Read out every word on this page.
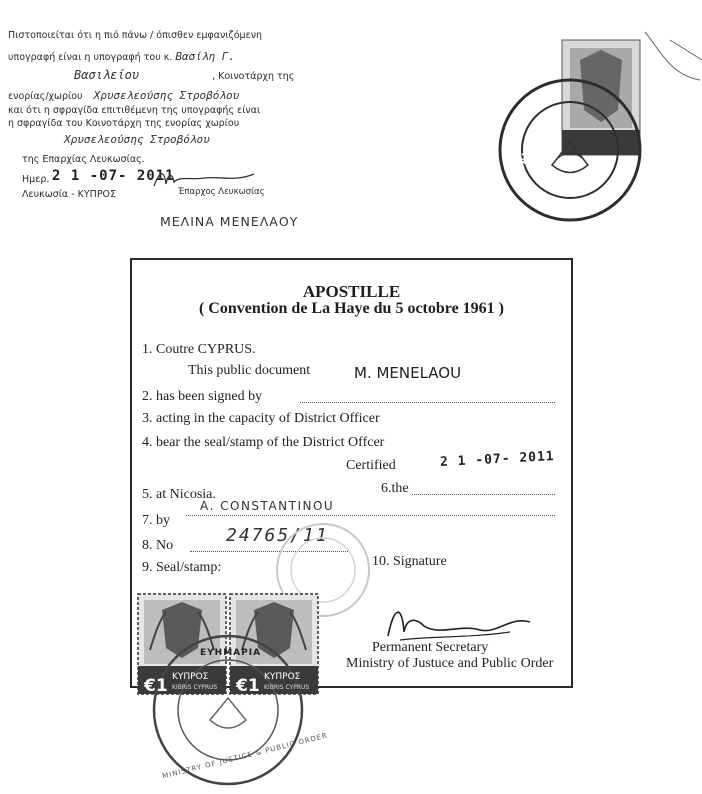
Πιστοποιείται ότι η πιό πάνω / όπισθεν εμφανιζόμενη
υπογραφή είναι η υπογραφή του κ. Βασίλη Γ.
Βασιλείου	, Κοινοτάρχη της
ενορίας/χωρίου Χρυσελεούσης Στροβόλου
και ότι η σφραγίδα επιτιθέμενη της υπογραφής είναι
η σφραγίδα του Κοινοτάρχη της ενορίας χωρίου
Χρυσελεούσης Στροβόλου
της Επαρχίας Λευκωσίας.
Ημερ. 2 1 -07- 2011
Λευκωσία - ΚΥΠΡΟΣ	Έπαρχος Λευκωσίας
ΜΕΛΙΝΑ ΜΕΝΕΛΑΟΥ
ΚΑΜΠΡΙ
APOSTILLE
( Convention de La Haye du 5 octobre 1961 )
1. Coutre CYPRUS.
This public document	M. MENELAOU
2. has been signed by
3. acting in the capacity of District Officer
4. bear the seal/stamp of the District Offcer
Certified	2 1 -07- 2011
5. at Nicosia.	6.the
A. CONSTANTINOU
7. by
8. No	24765/11
9. Seal/stamp:	10. Signature
Permanent Secretary
Ministry of Justuce and Public Order
€1	€1
ΚΥΠΡΟΣ	ΚΥΠΡΟΣ
KIBRIS CYPRUS	KIBRIS CYPRUS
ΕΥΗΜΑΡΙΑ
MINISTRY OF JUSTICE & PUBLIC ORDER
